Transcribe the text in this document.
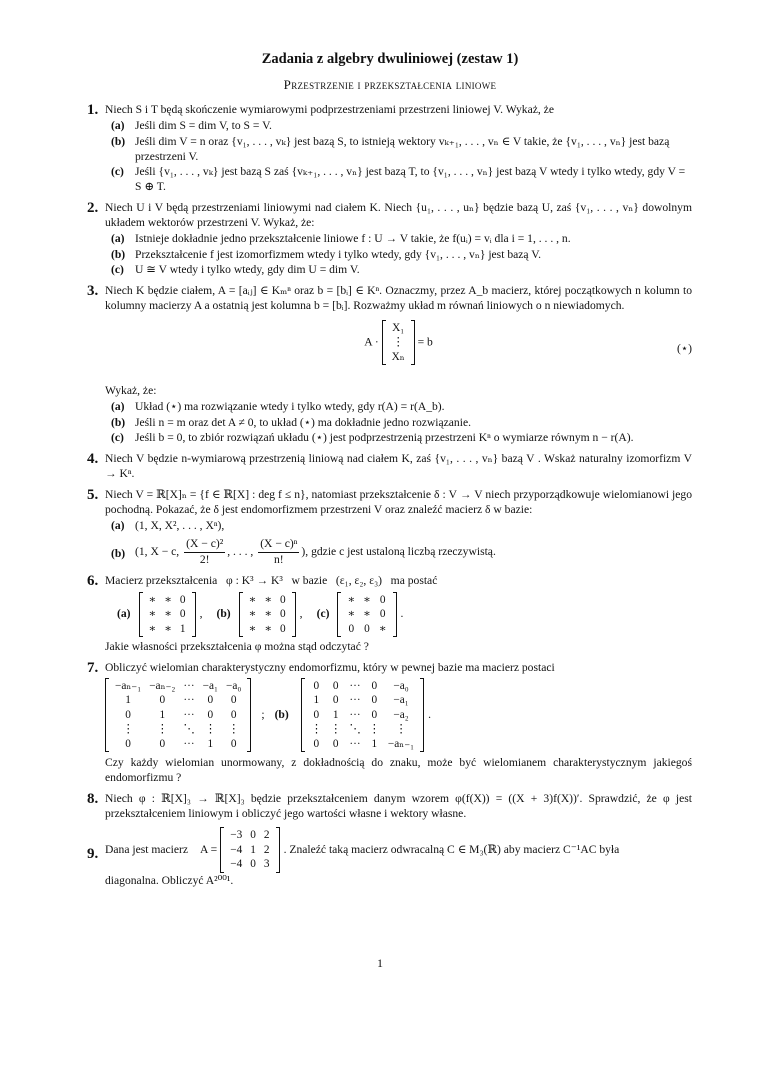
Zadania z algebry dwuliniowej (zestaw 1)
Przestrzenie i przekształcenia liniowe
1. Niech S i T będą skończenie wymiarowymi podprzestrzeniami przestrzeni liniowej V. Wykaż, że
(a) Jeśli dim S = dim V, to S = V.
(b) Jeśli dim V = n oraz {v₁, . . . , vₖ} jest bazą S, to istnieją wektory vₖ₊₁, . . . , vₙ ∈ V takie, że {v₁, . . . , vₙ} jest bazą przestrzeni V.
(c) Jeśli {v₁, . . . , vₖ} jest bazą S zaś {vₖ₊₁, . . . , vₙ} jest bazą T, to {v₁, . . . , vₙ} jest bazą V wtedy i tylko wtedy, gdy V = S ⊕ T.
2. Niech U i V będą przestrzeniami liniowymi nad ciałem K. Niech {u₁, . . . , uₙ} będzie bazą U, zaś {v₁, . . . , vₙ} dowolnym układem wektorów przestrzeni V. Wykaż, że:
(a) Istnieje dokładnie jedno przekształcenie liniowe f : U → V takie, że f(uᵢ) = vᵢ dla i = 1, . . . , n.
(b) Przekształcenie f jest izomorfizmem wtedy i tylko wtedy, gdy {v₁, . . . , vₙ} jest bazą V.
(c) U ≅ V wtedy i tylko wtedy, gdy dim U = dim V.
3. Niech K będzie ciałem, A = [aᵢⱼ] ∈ Kₘⁿ oraz b = [bᵢ] ∈ Kⁿ. Oznaczmy, przez A_b macierz, której początkowych n kolumn to kolumny macierzy A a ostatnią jest kolumna b = [bᵢ]. Rozważmy układ m równań liniowych o n niewiadomych.
A ·
X₁
⋮
Xₙ
= b
(⋆)
Wykaż, że:
(a) Układ (⋆) ma rozwiązanie wtedy i tylko wtedy, gdy r(A) = r(A_b).
(b) Jeśli n = m oraz det A ≠ 0, to układ (⋆) ma dokładnie jedno rozwiązanie.
(c) Jeśli b = 0, to zbiór rozwiązań układu (⋆) jest podprzestrzenią przestrzeni Kⁿ o wymiarze równym n − r(A).
4. Niech V będzie n-wymiarową przestrzenią liniową nad ciałem K, zaś {v₁, . . . , vₙ} bazą V . Wskaż naturalny izomorfizm V → Kⁿ.
5. Niech V = ℝ[X]ₙ = {f ∈ ℝ[X] : deg f ≤ n}, natomiast przekształcenie δ : V → V niech przyporządkowuje wielomianowi jego pochodną. Pokazać, że δ jest endomorfizmem przestrzeni V oraz znaleźć macierz δ w bazie:
(a) (1, X, X², . . . , Xⁿ),
(b) (1, X − c, $\frac{\text{(X − c)²}}{2!}$ , . . . , $\frac{\text{(X − c)ⁿ}}{n!}$ ), gdzie c jest ustaloną liczbą rzeczywistą.
6. Macierz przekształcenia   φ : K³ → K³   w bazie   (ε₁, ε₂, ε₃)   ma postać
(a)
∗	∗	0
∗	∗	0
∗	∗	1
, (b)
∗	∗	0
∗	∗	0
∗	∗	0
, (c)
∗	∗	0
∗	∗	0
0	0	∗
.
Jakie własności przekształcenia φ można stąd odczytać ?
7. Obliczyć wielomian charakterystyczny endomorfizmu, który w pewnej bazie ma macierz postaci
−aₙ₋₁	−aₙ₋₂	···	−a₁	−a₀
1	0	···	0	0
0	1	···	0	0
⋮	⋮	⋱	⋮	⋮
0	0	···	1	0
; (b)
0	0	···	0	−a₀
1	0	···	0	−a₁
0	1	···	0	−a₂
⋮	⋮	⋱	⋮	⋮
0	0	···	1	−aₙ₋₁
.
Czy każdy wielomian unormowany, z dokładnością do znaku, może być wielomianem charakterystycznym jakiegoś endomorfizmu ?
8. Niech φ : ℝ[X]₃ → ℝ[X]₃ będzie przekształceniem danym wzorem φ(f(X)) = ((X + 3)f(X))′. Sprawdzić, że φ jest przekształceniem liniowym i obliczyć jego wartości własne i wektory własne.
9. Dana jest macierz A =
−3	0	2
−4	1	2
−4	0	3
. Znaleźć taką macierz odwracalną C ∈ M₃(ℝ) aby macierz C⁻¹AC była
diagonalna. Obliczyć A²⁰⁰¹.
1
